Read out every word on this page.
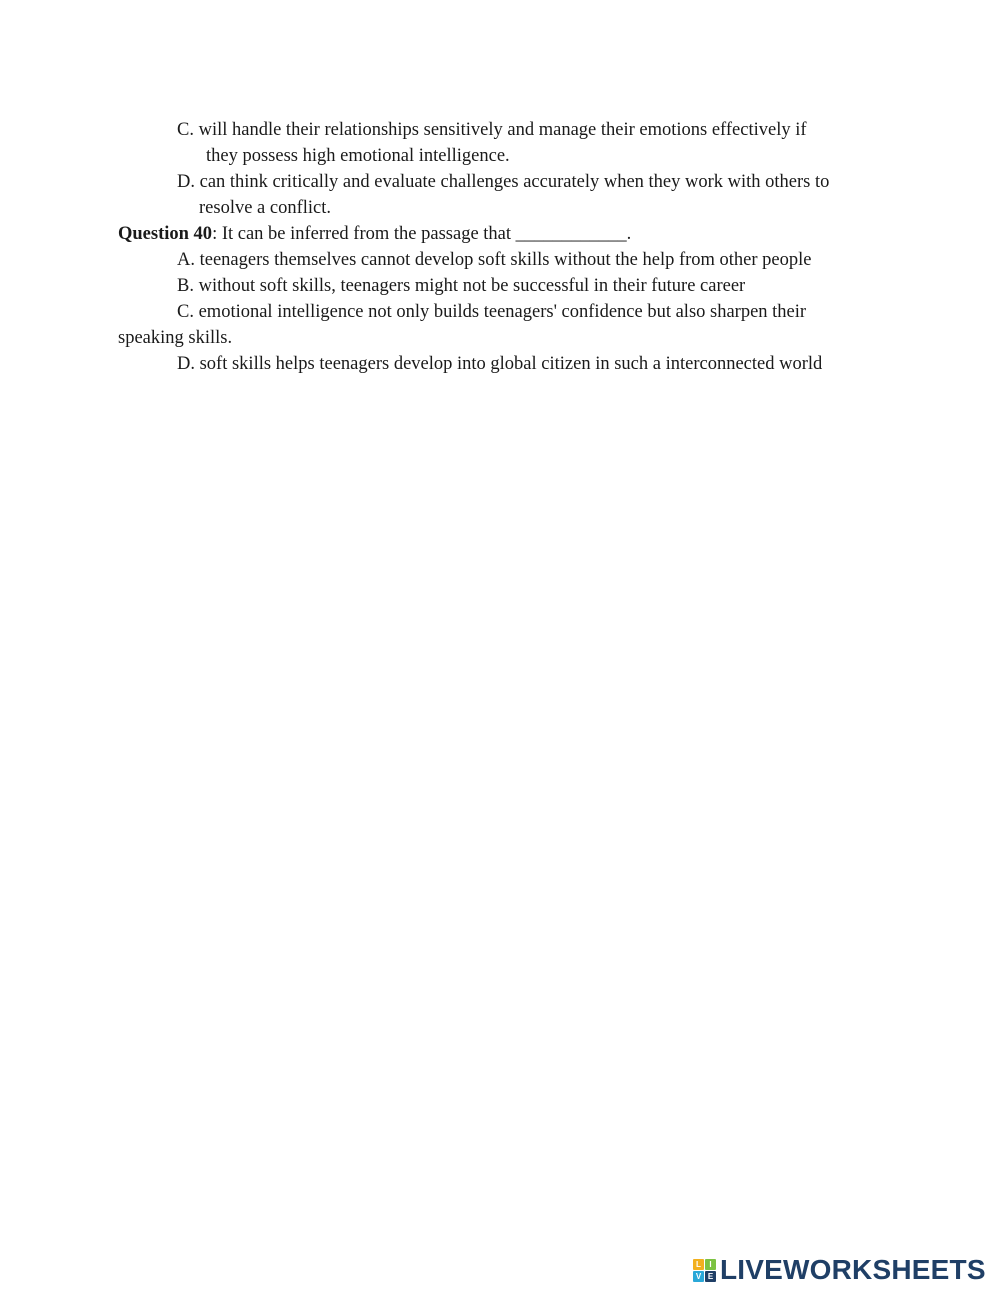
C. will handle their relationships sensitively and manage their emotions effectively if
they possess high emotional intelligence.
D. can think critically and evaluate challenges accurately when they work with others to
resolve a conflict.
Question 40: It can be inferred from the passage that ____________.
A. teenagers themselves cannot develop soft skills without the help from other people
B. without soft skills, teenagers might not be successful in their future career
C. emotional intelligence not only builds teenagers' confidence but also sharpen their
speaking skills.
D. soft skills helps teenagers develop into global citizen in such a interconnected world
L	I
V E LIVEWORKSHEETS
